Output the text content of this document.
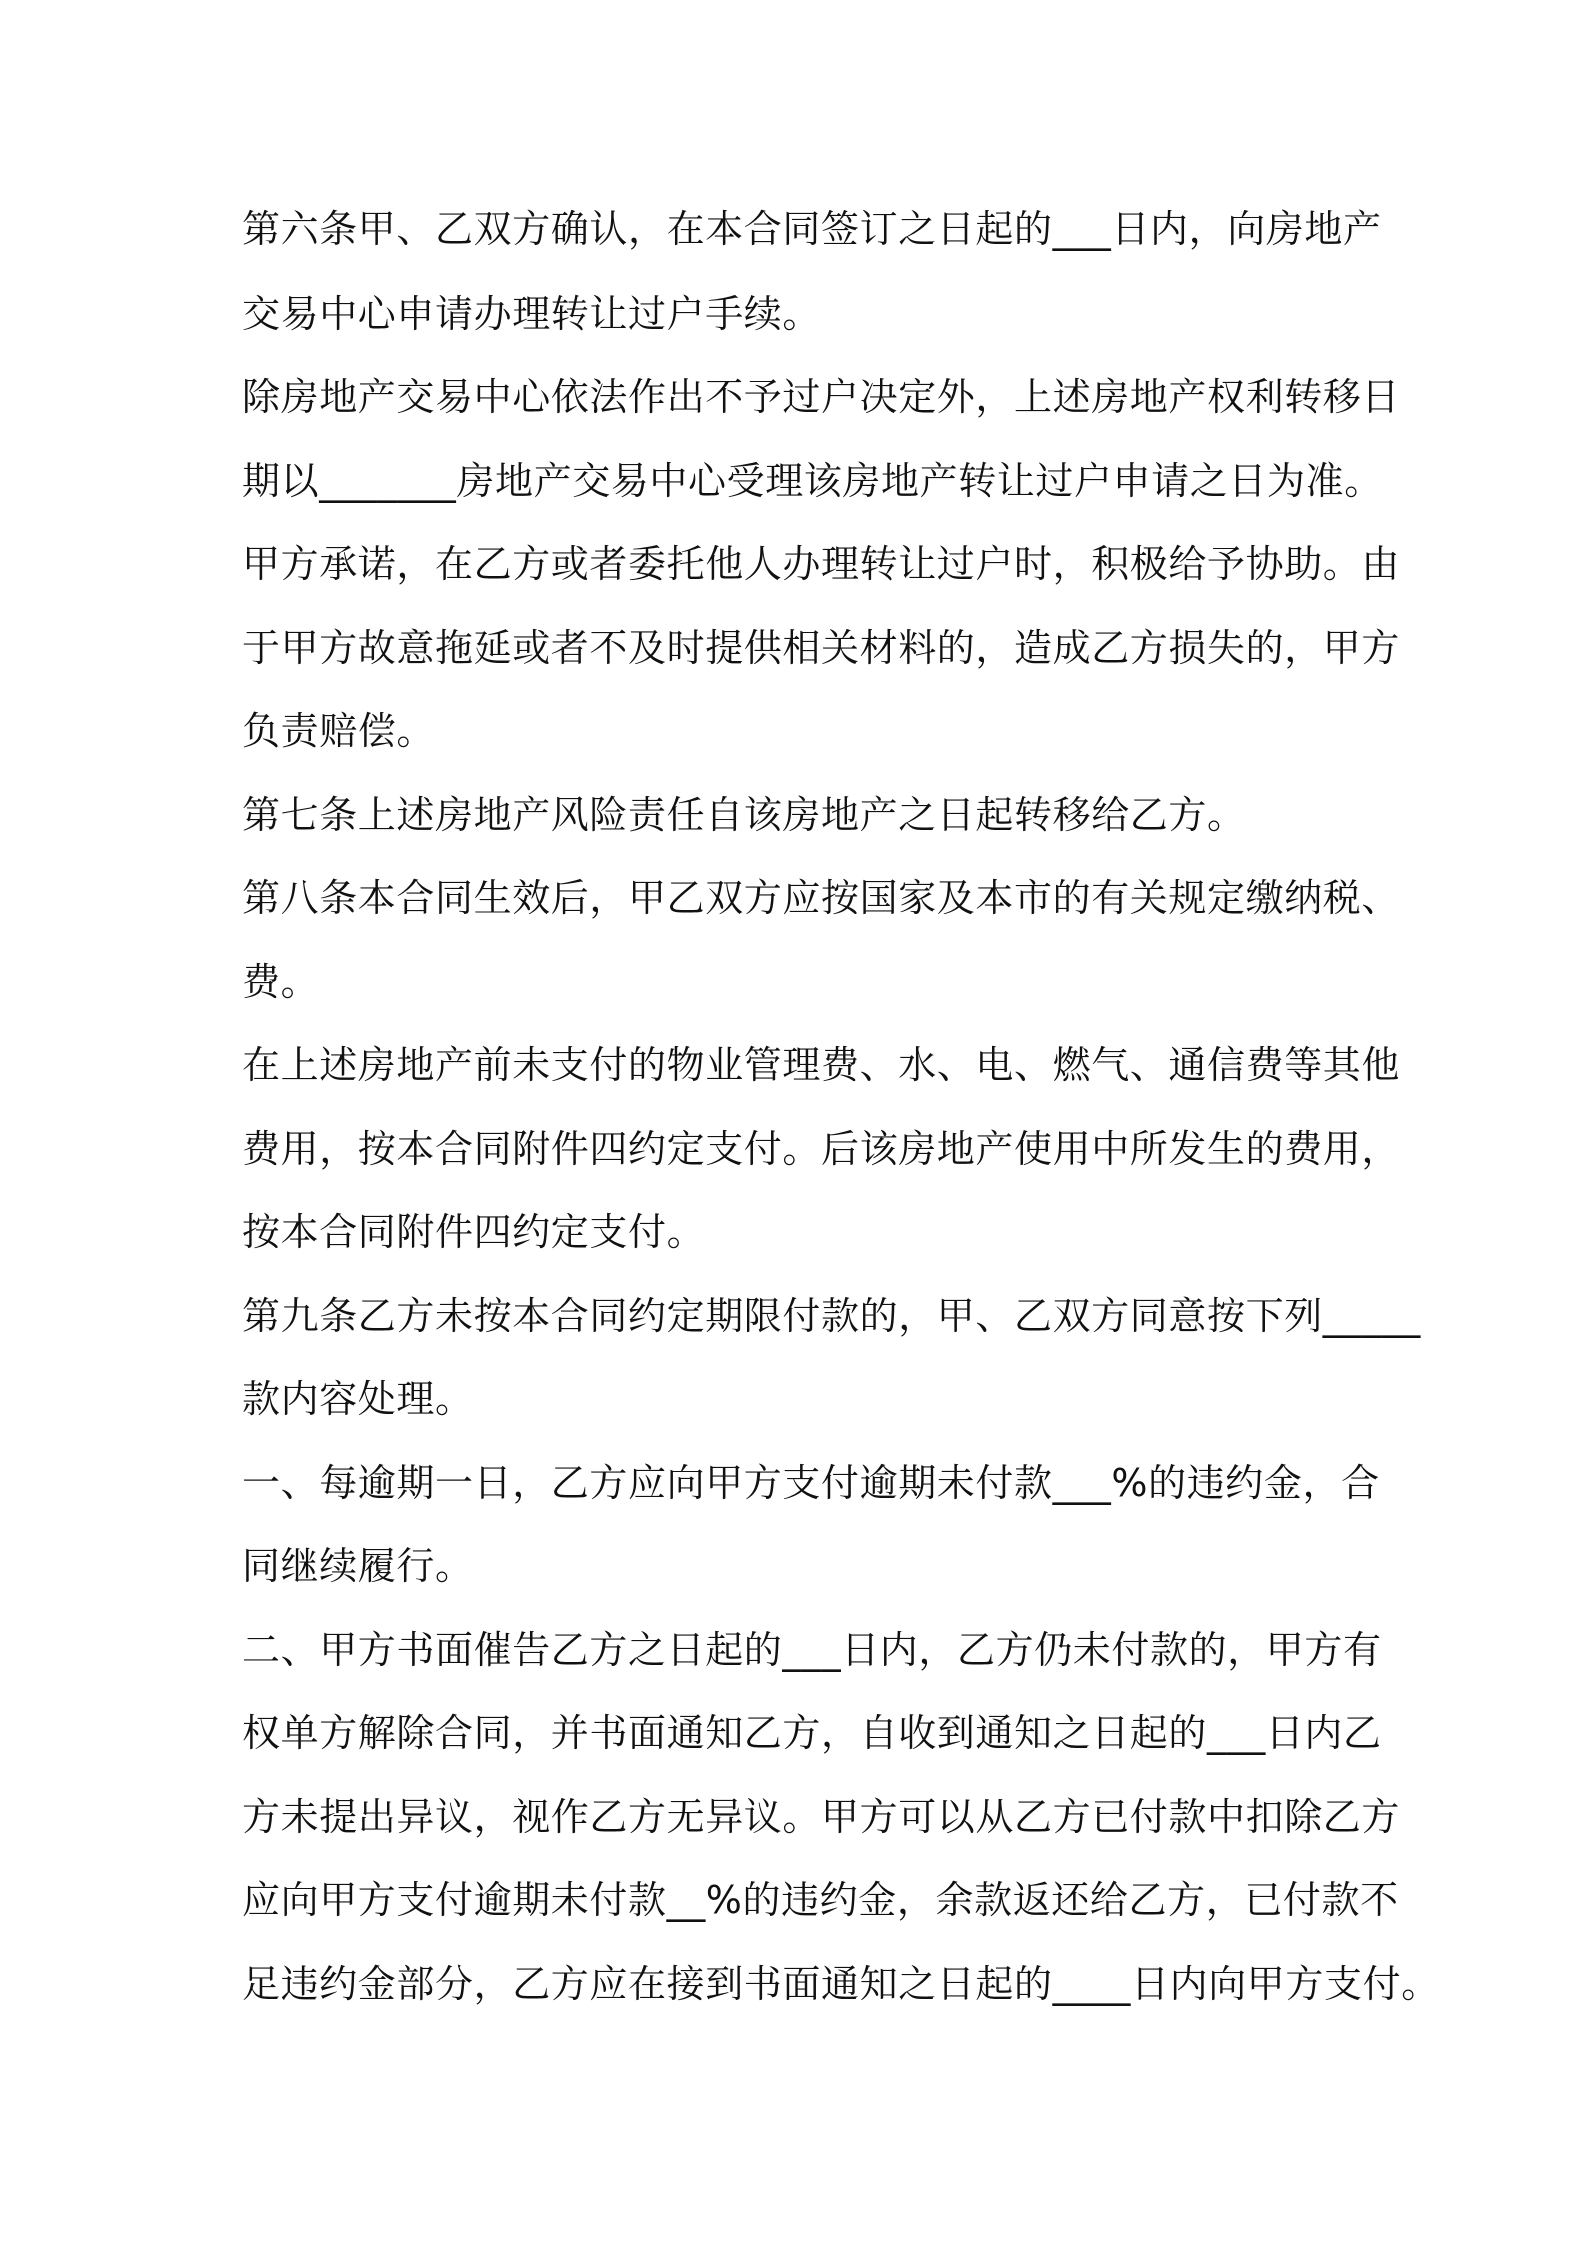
第六条甲、乙双方确认，在本合同签订之日起的___日内，向房地产
交易中心申请办理转让过户手续。
除房地产交易中心依法作出不予过户决定外，上述房地产权利转移日
期以_______房地产交易中心受理该房地产转让过户申请之日为准。
甲方承诺，在乙方或者委托他人办理转让过户时，积极给予协助。由
于甲方故意拖延或者不及时提供相关材料的，造成乙方损失的，甲方
负责赔偿。
第七条上述房地产风险责任自该房地产之日起转移给乙方。
第八条本合同生效后，甲乙双方应按国家及本市的有关规定缴纳税、
费。
在上述房地产前未支付的物业管理费、水、电、燃气、通信费等其他
费用，按本合同附件四约定支付。后该房地产使用中所发生的费用，
按本合同附件四约定支付。
第九条乙方未按本合同约定期限付款的，甲、乙双方同意按下列_____
款内容处理。
一、每逾期一日，乙方应向甲方支付逾期未付款___%的违约金，合
同继续履行。
二、甲方书面催告乙方之日起的___日内，乙方仍未付款的，甲方有
权单方解除合同，并书面通知乙方，自收到通知之日起的___日内乙
方未提出异议，视作乙方无异议。甲方可以从乙方已付款中扣除乙方
应向甲方支付逾期未付款__%的违约金，余款返还给乙方，已付款不
足违约金部分，乙方应在接到书面通知之日起的____日内向甲方支付。
